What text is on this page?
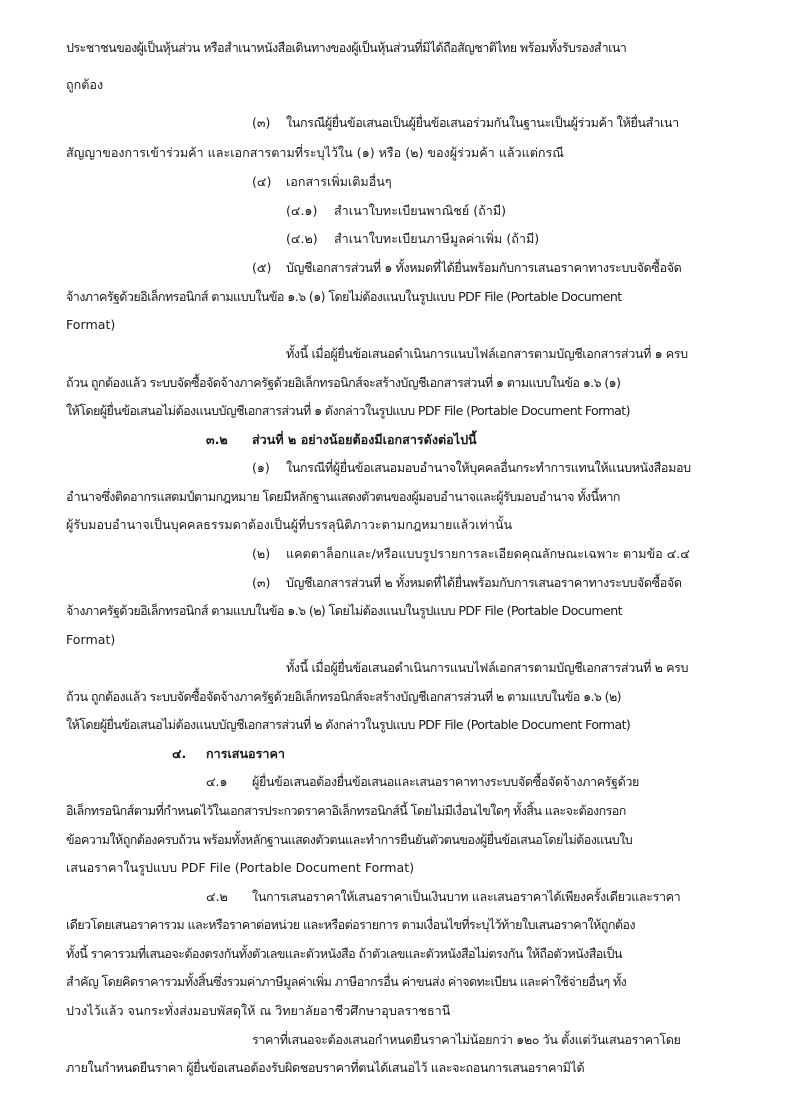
ประชาชนของผู้เป็นหุ้นส่วน หรือสำเนาหนังสือเดินทางของผู้เป็นหุ้นส่วนที่มิได้ถือสัญชาติไทย พร้อมทั้งรับรองสำเนา
ถูกต้อง
(๓) ในกรณีผู้ยื่นข้อเสนอเป็นผู้ยื่นข้อเสนอร่วมกันในฐานะเป็นผู้ร่วมค้า ให้ยื่นสำเนา
สัญญาของการเข้าร่วมค้า และเอกสารตามที่ระบุไว้ใน (๑) หรือ (๒) ของผู้ร่วมค้า แล้วแต่กรณี
(๔) เอกสารเพิ่มเติมอื่นๆ
(๔.๑) สำเนาใบทะเบียนพาณิชย์ (ถ้ามี)
(๔.๒) สำเนาใบทะเบียนภาษีมูลค่าเพิ่ม (ถ้ามี)
(๕) บัญชีเอกสารส่วนที่ ๑ ทั้งหมดที่ได้ยื่นพร้อมกับการเสนอราคาทางระบบจัดซื้อจัด
จ้างภาครัฐด้วยอิเล็กทรอนิกส์ ตามแบบในข้อ ๑.๖ (๑) โดยไม่ต้องแนบในรูปแบบ PDF File (Portable Document
Format)
ทั้งนี้ เมื่อผู้ยื่นข้อเสนอดำเนินการแนบไฟล์เอกสารตามบัญชีเอกสารส่วนที่ ๑ ครบ
ถ้วน ถูกต้องแล้ว ระบบจัดซื้อจัดจ้างภาครัฐด้วยอิเล็กทรอนิกส์จะสร้างบัญชีเอกสารส่วนที่ ๑ ตามแบบในข้อ ๑.๖ (๑)
ให้โดยผู้ยื่นข้อเสนอไม่ต้องแนบบัญชีเอกสารส่วนที่ ๑ ดังกล่าวในรูปแบบ PDF File (Portable Document Format)
๓.๒ ส่วนที่ ๒ อย่างน้อยต้องมีเอกสารดังต่อไปนี้
(๑) ในกรณีที่ผู้ยื่นข้อเสนอมอบอำนาจให้บุคคลอื่นกระทำการแทนให้แนบหนังสือมอบ
อำนาจซึ่งติดอากรแสตมป์ตามกฎหมาย โดยมีหลักฐานแสดงตัวตนของผู้มอบอำนาจและผู้รับมอบอำนาจ ทั้งนี้หาก
ผู้รับมอบอำนาจเป็นบุคคลธรรมดาต้องเป็นผู้ที่บรรลุนิติภาวะตามกฎหมายแล้วเท่านั้น
(๒) แคตตาล็อกและ/หรือแบบรูปรายการละเอียดคุณลักษณะเฉพาะ ตามข้อ ๔.๔
(๓) บัญชีเอกสารส่วนที่ ๒ ทั้งหมดที่ได้ยื่นพร้อมกับการเสนอราคาทางระบบจัดซื้อจัด
จ้างภาครัฐด้วยอิเล็กทรอนิกส์ ตามแบบในข้อ ๑.๖ (๒) โดยไม่ต้องแนบในรูปแบบ PDF File (Portable Document
Format)
ทั้งนี้ เมื่อผู้ยื่นข้อเสนอดำเนินการแนบไฟล์เอกสารตามบัญชีเอกสารส่วนที่ ๒ ครบ
ถ้วน ถูกต้องแล้ว ระบบจัดซื้อจัดจ้างภาครัฐด้วยอิเล็กทรอนิกส์จะสร้างบัญชีเอกสารส่วนที่ ๒ ตามแบบในข้อ ๑.๖ (๒)
ให้โดยผู้ยื่นข้อเสนอไม่ต้องแนบบัญชีเอกสารส่วนที่ ๒ ดังกล่าวในรูปแบบ PDF File (Portable Document Format)
๔. การเสนอราคา
๔.๑ ผู้ยื่นข้อเสนอต้องยื่นข้อเสนอและเสนอราคาทางระบบจัดซื้อจัดจ้างภาครัฐด้วย
อิเล็กทรอนิกส์ตามที่กำหนดไว้ในเอกสารประกวดราคาอิเล็กทรอนิกส์นี้ โดยไม่มีเงื่อนไขใดๆ ทั้งสิ้น และจะต้องกรอก
ข้อความให้ถูกต้องครบถ้วน พร้อมทั้งหลักฐานแสดงตัวตนและทำการยืนยันตัวตนของผู้ยื่นข้อเสนอโดยไม่ต้องแนบใบ
เสนอราคาในรูปแบบ PDF File (Portable Document Format)
๔.๒ ในการเสนอราคาให้เสนอราคาเป็นเงินบาท และเสนอราคาได้เพียงครั้งเดียวและราคา
เดียวโดยเสนอราคารวม และหรือราคาต่อหน่วย และหรือต่อรายการ ตามเงื่อนไขที่ระบุไว้ท้ายใบเสนอราคาให้ถูกต้อง
ทั้งนี้ ราคารวมที่เสนอจะต้องตรงกันทั้งตัวเลขและตัวหนังสือ ถ้าตัวเลขและตัวหนังสือไม่ตรงกัน ให้ถือตัวหนังสือเป็น
สำคัญ โดยคิดราคารวมทั้งสิ้นซึ่งรวมค่าภาษีมูลค่าเพิ่ม ภาษีอากรอื่น ค่าขนส่ง ค่าจดทะเบียน และค่าใช้จ่ายอื่นๆ ทั้ง
ปวงไว้แล้ว จนกระทั่งส่งมอบพัสดุให้ ณ วิทยาลัยอาชีวศึกษาอุบลราชธานี
ราคาที่เสนอจะต้องเสนอกำหนดยืนราคาไม่น้อยกว่า ๑๒๐ วัน ตั้งแต่วันเสนอราคาโดย
ภายในกำหนดยืนราคา ผู้ยื่นข้อเสนอต้องรับผิดชอบราคาที่ตนได้เสนอไว้ และจะถอนการเสนอราคามิได้
